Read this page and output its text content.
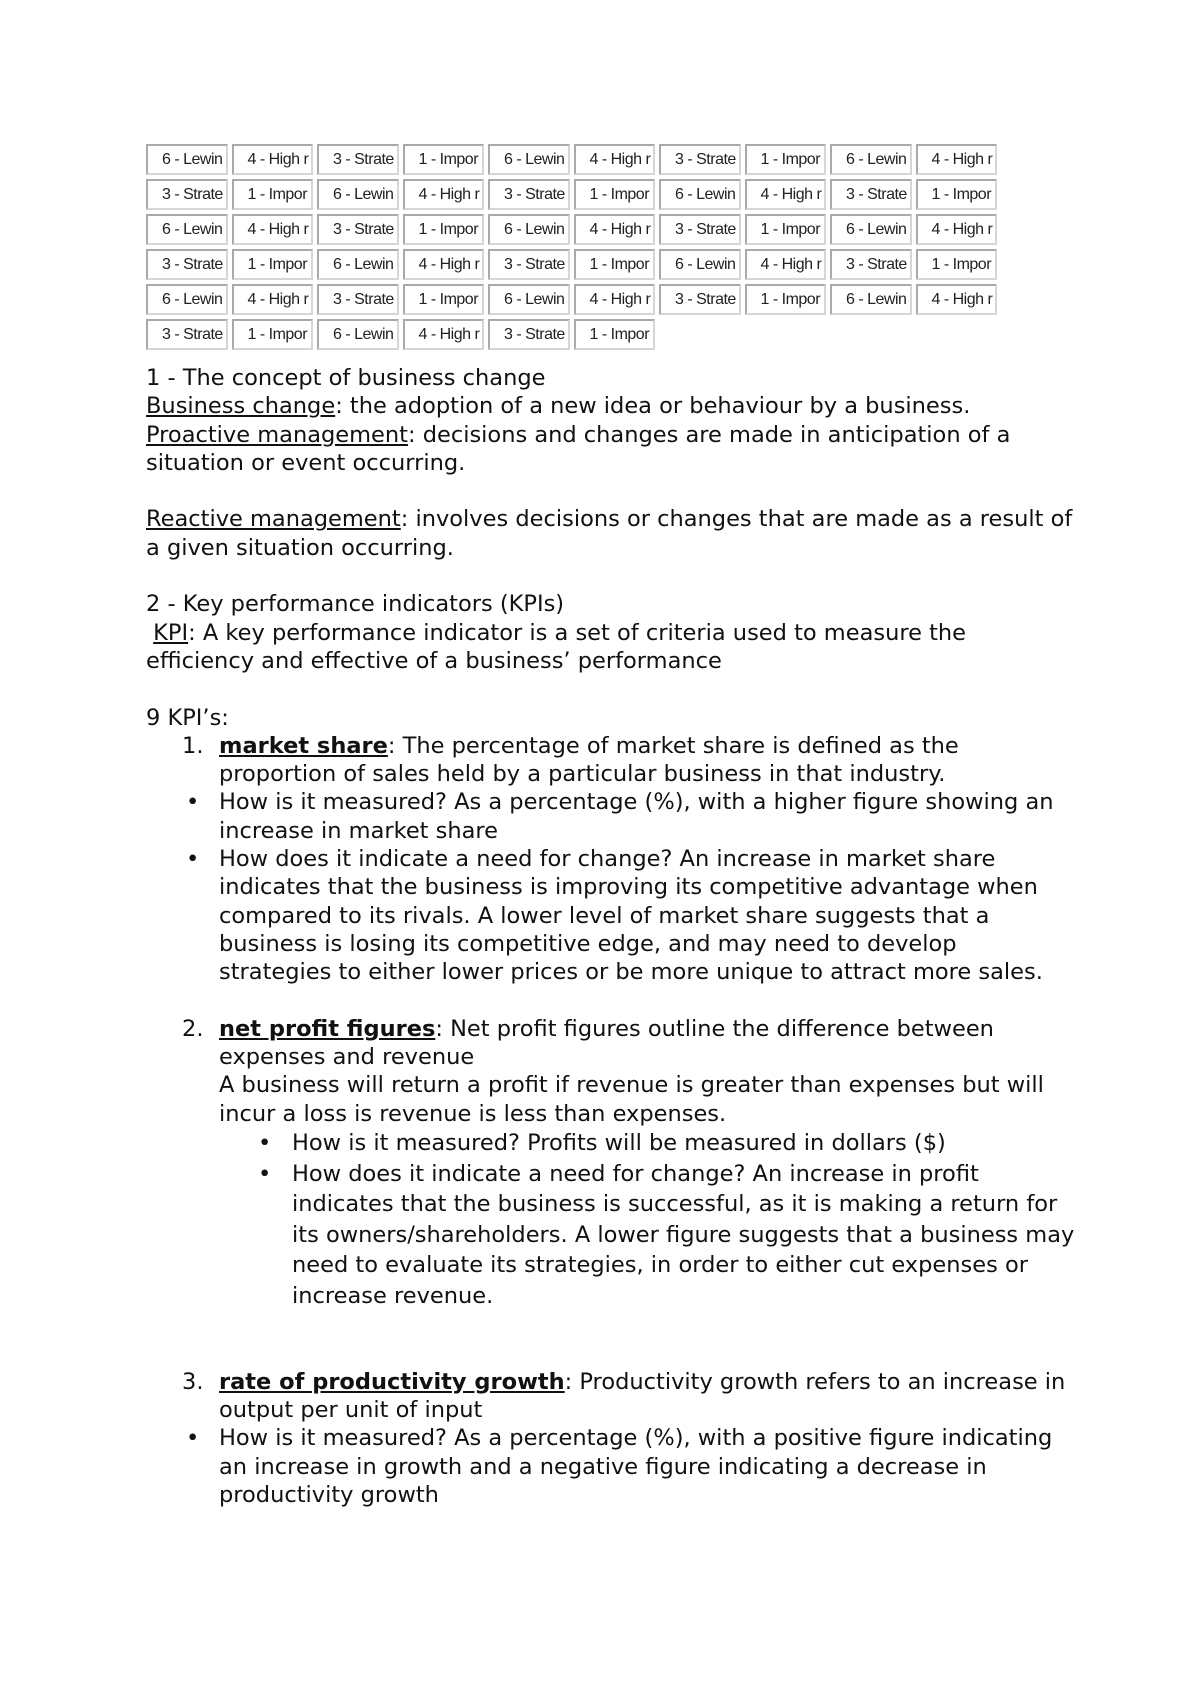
6 - Lewin	4 - High r	3 - Strate	1 - Impor	6 - Lewin	4 - High r	3 - Strate	1 - Impor	6 - Lewin	4 - High r
3 - Strate	1 - Impor	6 - Lewin	4 - High r	3 - Strate	1 - Impor	6 - Lewin	4 - High r	3 - Strate	1 - Impor
6 - Lewin	4 - High r	3 - Strate	1 - Impor	6 - Lewin	4 - High r	3 - Strate	1 - Impor	6 - Lewin	4 - High r
3 - Strate	1 - Impor	6 - Lewin	4 - High r	3 - Strate	1 - Impor	6 - Lewin	4 - High r	3 - Strate	1 - Impor
6 - Lewin	4 - High r	3 - Strate	1 - Impor	6 - Lewin	4 - High r	3 - Strate	1 - Impor	6 - Lewin	4 - High r
3 - Strate	1 - Impor	6 - Lewin	4 - High r	3 - Strate	1 - Impor

1 - The concept of business change

Business change: the adoption of a new idea or behaviour by a business.

Proactive management: decisions and changes are made in anticipation of a situation or event occurring.

Reactive management: involves decisions or changes that are made as a result of a given situation occurring.

2 - Key performance indicators (KPIs)

KPI: A key performance indicator is a set of criteria used to measure the efficiency and effective of a business’ performance

9 KPI’s:

1. market share: The percentage of market share is defined as the proportion of sales held by a particular business in that industry.
• How is it measured? As a percentage (%), with a higher figure showing an increase in market share
• How does it indicate a need for change? An increase in market share indicates that the business is improving its competitive advantage when compared to its rivals. A lower level of market share suggests that a business is losing its competitive edge, and may need to develop strategies to either lower prices or be more unique to attract more sales.
2. net profit figures: Net profit figures outline the difference between expenses and revenue

A business will return a profit if revenue is greater than expenses but will incur a loss is revenue is less than expenses.

• How is it measured? Profits will be measured in dollars ($)
• How does it indicate a need for change? An increase in profit indicates that the business is successful, as it is making a return for its owners/shareholders. A lower figure suggests that a business may need to evaluate its strategies, in order to either cut expenses or increase revenue.
3. rate of productivity growth: Productivity growth refers to an increase in output per unit of input
• How is it measured? As a percentage (%), with a positive figure indicating an increase in growth and a negative figure indicating a decrease in productivity growth
